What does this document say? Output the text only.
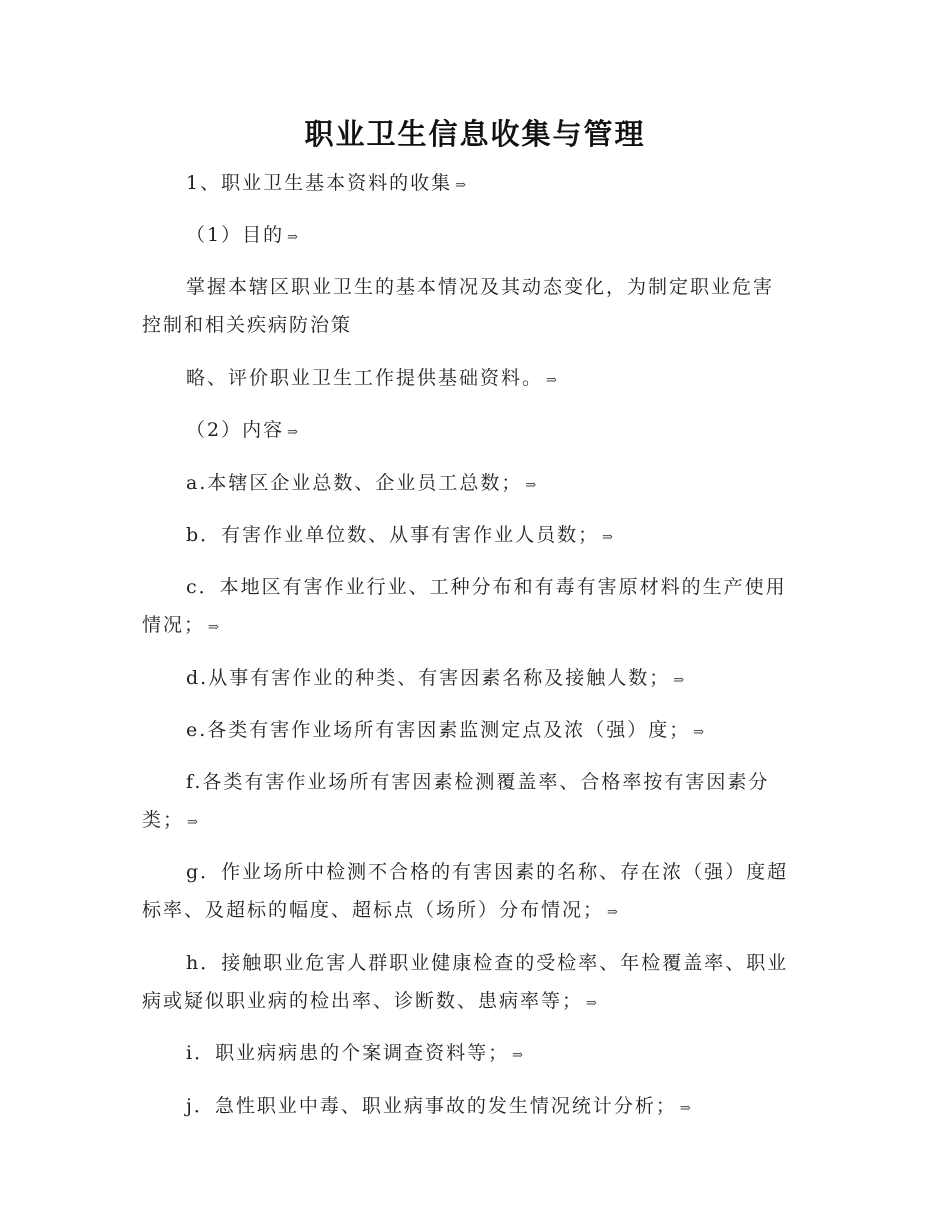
职业卫生信息收集与管理
1、职业卫生基本资料的收集 ⇒
（1）目的 ⇒
掌握本辖区职业卫生的基本情况及其动态变化，为制定职业危害
控制和相关疾病防治策
略、评价职业卫生工作提供基础资料。 ⇒
（2）内容 ⇒
a.本辖区企业总数、企业员工总数； ⇒
b．有害作业单位数、从事有害作业人员数； ⇒
c．本地区有害作业行业、工种分布和有毒有害原材料的生产使用
情况； ⇒
d.从事有害作业的种类、有害因素名称及接触人数； ⇒
e.各类有害作业场所有害因素监测定点及浓（强）度； ⇒
f.各类有害作业场所有害因素检测覆盖率、合格率按有害因素分
类； ⇒
g．作业场所中检测不合格的有害因素的名称、存在浓（强）度超
标率、及超标的幅度、超标点（场所）分布情况； ⇒
h．接触职业危害人群职业健康检查的受检率、年检覆盖率、职业
病或疑似职业病的检出率、诊断数、患病率等； ⇒
i．职业病病患的个案调查资料等； ⇒
j．急性职业中毒、职业病事故的发生情况统计分析； ⇒
